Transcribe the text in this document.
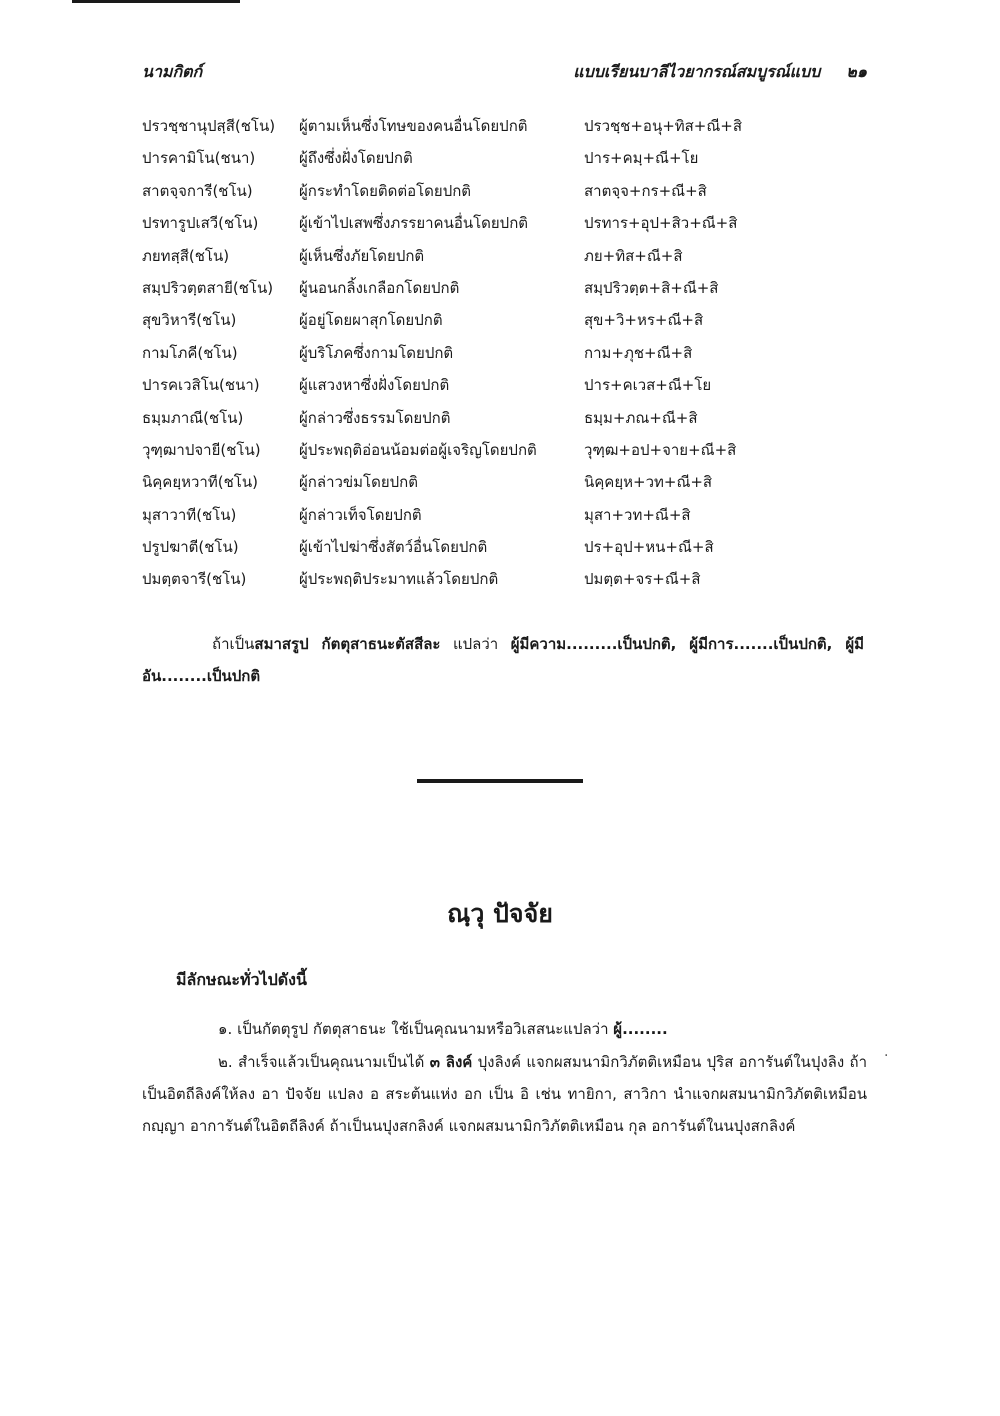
นามกิตก์	แบบเรียนบาลีไวยากรณ์สมบูรณ์แบบ ๒๑
ปรวชฺชานุปสฺสี(ชโน) ผู้ตามเห็นซึ่งโทษของคนอื่นโดยปกติ	ปรวชฺช+อนุ+ทิส+ณี+สิ
ปารคามิโน(ชนา)	ผู้ถึงซึ่งฝั่งโดยปกติ	ปาร+คมฺ+ณี+โย
สาตจฺจการี(ชโน)	ผู้กระทำโดยติดต่อโดยปกติ	สาตจฺจ+กร+ณี+สิ
ปรทารูปเสวี(ชโน)	ผู้เข้าไปเสพซึ่งภรรยาคนอื่นโดยปกติ	ปรทาร+อุป+สิว+ณี+สิ
ภยทสฺสี(ชโน)	ผู้เห็นซึ่งภัยโดยปกติ	ภย+ทิส+ณี+สิ
สมฺปริวตฺตสายี(ชโน) ผู้นอนกลิ้งเกลือกโดยปกติ	สมฺปริวตฺต+สิ+ณี+สิ
สุขวิหารี(ชโน)	ผู้อยู่โดยผาสุกโดยปกติ	สุข+วิ+หร+ณี+สิ
กามโภคี(ชโน)	ผู้บริโภคซึ่งกามโดยปกติ	กาม+ภุช+ณี+สิ
ปารคเวสิโน(ชนา)	ผู้แสวงหาซึ่งฝั่งโดยปกติ	ปาร+คเวส+ณี+โย
ธมฺมภาณี(ชโน)	ผู้กล่าวซึ่งธรรมโดยปกติ	ธมฺม+ภณ+ณี+สิ
วุฑฺฒาปจายี(ชโน)	ผู้ประพฤติอ่อนน้อมต่อผู้เจริญโดยปกติ	วุฑฺฒ+อป+จาย+ณี+สิ
นิคฺคยฺหวาที(ชโน)	ผู้กล่าวข่มโดยปกติ	นิคฺคยฺห+วท+ณี+สิ
มุสาวาที(ชโน)	ผู้กล่าวเท็จโดยปกติ	มุสา+วท+ณี+สิ
ปรูปฆาตี(ชโน)	ผู้เข้าไปฆ่าซึ่งสัตว์อื่นโดยปกติ	ปร+อุป+หน+ณี+สิ
ปมตฺตจารี(ชโน)	ผู้ประพฤติประมาทแล้วโดยปกติ	ปมตฺต+จร+ณี+สิ
ถ้าเป็นสมาสรูป กัตตุสาธนะตัสสีละ แปลว่า ผู้มีความ.........เป็นปกติ, ผู้มีการ.......เป็นปกติ, ผู้มีอัน........เป็นปกติ
ณฺวุ ปัจจัย
มีลักษณะทั่วไปดังนี้
๑. เป็นกัตตุรูป กัตตุสาธนะ ใช้เป็นคุณนามหรือวิเสสนะแปลว่า ผู้........
๒. สำเร็จแล้วเป็นคุณนามเป็นได้ ๓ ลิงค์ ปุงลิงค์ แจกผสมนามิกวิภัตติเหมือน ปุริส อการันต์ในปุงลิง ถ้าเป็นอิตถีลิงค์ให้ลง อา ปัจจัย แปลง อ สระต้นแห่ง อก เป็น อิ เช่น ทายิกา, สาวิกา นำแจกผสมนามิกวิภัตติเหมือน กญฺญา อาการันต์ในอิตถีลิงค์ ถ้าเป็นนปุงสกลิงค์ แจกผสมนามิกวิภัตติเหมือน กุล อการันต์ในนปุงสกลิงค์
·
